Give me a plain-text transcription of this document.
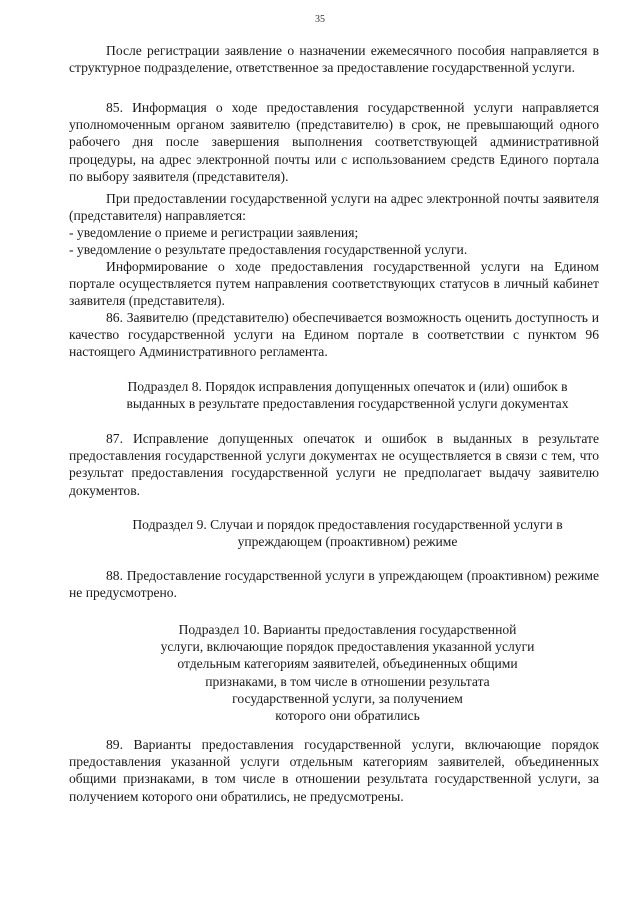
35

После регистрации заявление о назначении ежемесячного пособия направляется в структурное подразделение, ответственное за предоставление государственной услуги.

85. Информация о ходе предоставления государственной услуги направляется уполномоченным органом заявителю (представителю) в срок, не превышающий одного рабочего дня после завершения выполнения соответствующей административной процедуры, на адрес электронной почты или с использованием средств Единого портала по выбору заявителя (представителя).

При предоставлении государственной услуги на адрес электронной почты заявителя (представителя) направляется:

- уведомление о приеме и регистрации заявления;

- уведомление о результате предоставления государственной услуги.

Информирование о ходе предоставления государственной услуги на Едином портале осуществляется путем направления соответствующих статусов в личный кабинет заявителя (представителя).

86. Заявителю (представителю) обеспечивается возможность оценить доступность и качество государственной услуги на Едином портале в соответствии с пунктом 96 настоящего Административного регламента.

Подраздел 8. Порядок исправления допущенных опечаток и (или) ошибок в
выданных в результате предоставления государственной услуги документах

87. Исправление допущенных опечаток и ошибок в выданных в результате предоставления государственной услуги документах не осуществляется в связи с тем, что результат предоставления государственной услуги не предполагает выдачу заявителю документов.

Подраздел 9. Случаи и порядок предоставления государственной услуги в
упреждающем (проактивном) режиме

88. Предоставление государственной услуги в упреждающем (проактивном) режиме не предусмотрено.

Подраздел 10. Варианты предоставления государственной
услуги, включающие порядок предоставления указанной услуги
отдельным категориям заявителей, объединенных общими
признаками, в том числе в отношении результата
государственной услуги, за получением
которого они обратились

89. Варианты предоставления государственной услуги, включающие порядок предоставления указанной услуги отдельным категориям заявителей, объединенных общими признаками, в том числе в отношении результата государственной услуги, за получением которого они обратились, не предусмотрены.
